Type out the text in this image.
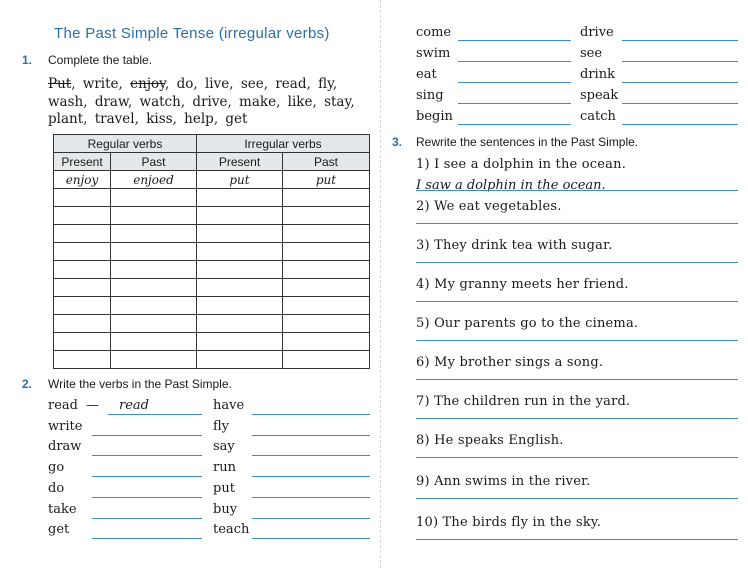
The Past Simple Tense (irregular verbs)
1. Complete the table.
Put, write, enjoy, do, live, see, read, fly, wash, draw, watch, drive, make, like, stay, plant, travel, kiss, help, get
Regular verbs		Irregular verbs	
Present	Past	Present	Past
enjoy	enjoed	put	put

2. Write the verbs in the Past Simple.
read — read
write
draw
go
do
take
get
have
fly
say
run
put
buy
teach
come
swim
eat
sing
begin
drive
see
drink
speak
catch
3. Rewrite the sentences in the Past Simple.
1) I see a dolphin in the ocean.
I saw a dolphin in the ocean.
2) We eat vegetables.
3) They drink tea with sugar.
4) My granny meets her friend.
5) Our parents go to the cinema.
6) My brother sings a song.
7) The children run in the yard.
8) He speaks English.
9) Ann swims in the river.
10) The birds fly in the sky.
